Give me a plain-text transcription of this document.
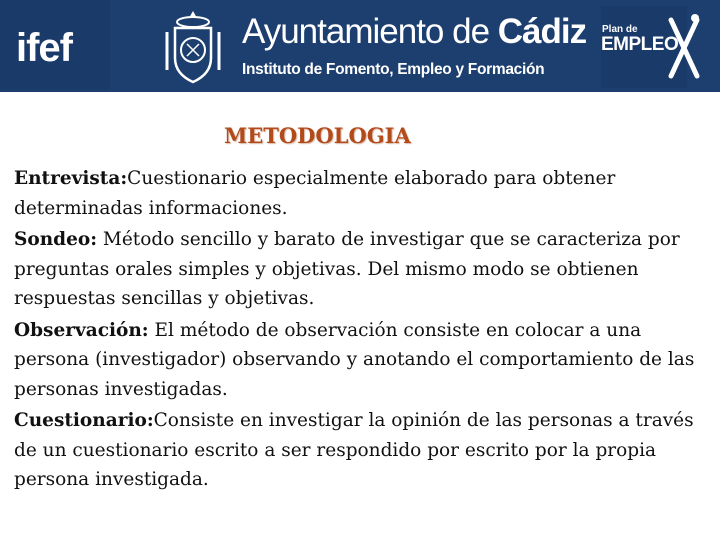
ifef	Ayuntamiento de Cádiz
Instituto de Fomento, Empleo y Formación
Plan de
EMPLEO
METODOLOGIA

Entrevista:Cuestionario especialmente elaborado para obtener determinadas informaciones.

Sondeo: Método sencillo y barato de investigar que se caracteriza por preguntas orales simples y objetivas. Del mismo modo se obtienen respuestas sencillas y objetivas.

Observación: El método de observación consiste en colocar a una persona (investigador) observando y anotando el comportamiento de las personas investigadas.

Cuestionario:Consiste en investigar la opinión de las personas a través de un cuestionario escrito a ser respondido por escrito por la propia persona investigada.
